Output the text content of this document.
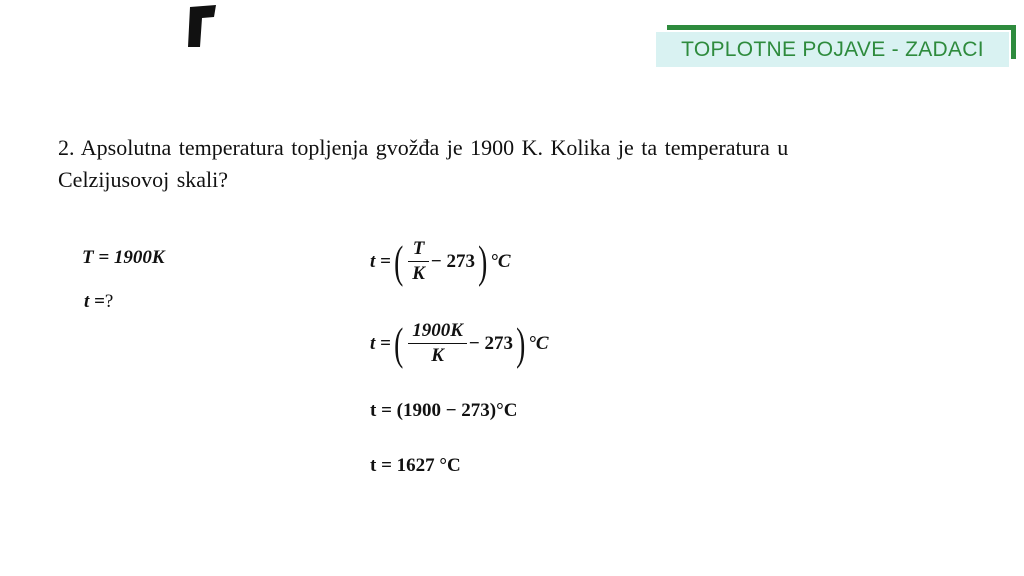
TOPLOTNE POJAVE - ZADACI
2. Apsolutna temperatura topljenja gvožđa je 1900 K. Kolika je ta temperatura u Celzijusovoj skali?
T = 1900K
t =?
t = ( $\frac{T}{K} - 273$ ) °C
t = ( $\frac{1900K}{K} - 273$ ) °C
t = (1900 − 273)°C
t = 1627 °C
